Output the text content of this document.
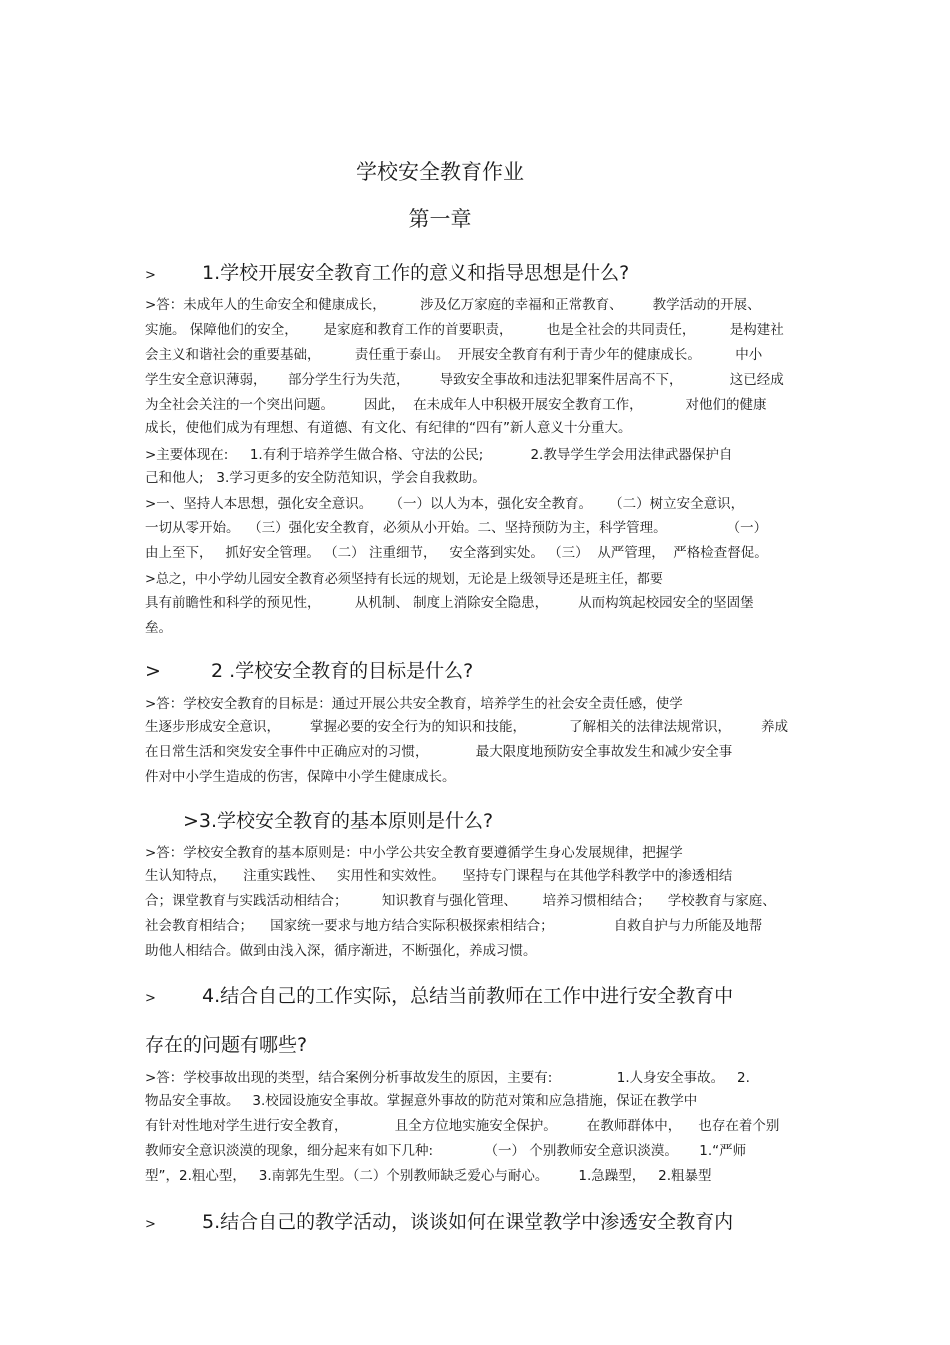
学校安全教育作业
第一章
> 1.学校开展安全教育工作的意义和指导思想是什么?
>答：未成年人的生命安全和健康成长，        涉及亿万家庭的幸福和正常教育、       教学活动的开展、
实施。 保障他们的安全，      是家庭和教育工作的首要职责，        也是全社会的共同责任，        是构建社
会主义和谐社会的重要基础，        责任重于泰山。  开展安全教育有利于青少年的健康成长。        中小
学生安全意识薄弱，     部分学生行为失范，       导致安全事故和违法犯罪案件居高不下，           这已经成
为全社会关注的一个突出问题。       因此，  在未成年人中积极开展安全教育工作，          对他们的健康
成长，使他们成为有理想、有道德、有文化、有纪律的“四有”新人意义十分重大。
>主要体现在:     1.有利于培养学生做合格、守法的公民;           2.教导学生学会用法律武器保护自
己和他人;   3.学习更多的安全防范知识，学会自我救助。
>一、坚持人本思想，强化安全意识。    （一）以人为本，强化安全教育。    （二）树立安全意识，
一切从零开始。  （三）强化安全教育，必须从小开始。二、坚持预防为主，科学管理。              （一）
由上至下，   抓好安全管理。 （二） 注重细节，   安全落到实处。 （三）  从严管理，  严格检查督促。
>总之，中小学幼儿园安全教育必须坚持有长远的规划，无论是上级领导还是班主任，都要
具有前瞻性和科学的预见性，        从机制、 制度上消除安全隐患，       从而构筑起校园安全的坚固堡
垒。
>	2 .学校安全教育的目标是什么?
>答：学校安全教育的目标是：通过开展公共安全教育，培养学生的社会安全责任感，使学
生逐步形成安全意识，       掌握必要的安全行为的知识和技能，          了解相关的法律法规常识，       养成
在日常生活和突发安全事件中正确应对的习惯，           最大限度地预防安全事故发生和减少安全事
件对中小学生造成的伤害，保障中小学生健康成长。
>3.学校安全教育的基本原则是什么?
>答：学校安全教育的基本原则是：中小学公共安全教育要遵循学生身心发展规律，把握学
生认知特点，    注重实践性、   实用性和实效性。    坚持专门课程与在其他学科教学中的渗透相结
合；课堂教育与实践活动相结合；        知识教育与强化管理、      培养习惯相结合；    学校教育与家庭、
社会教育相结合；    国家统一要求与地方结合实际积极探索相结合；              自救自护与力所能及地帮
助他人相结合。做到由浅入深，循序渐进，不断强化，养成习惯。
> 4.结合自己的工作实际，总结当前教师在工作中进行安全教育中
存在的问题有哪些?
>答：学校事故出现的类型，结合案例分析事故发生的原因，主要有:               1.人身安全事故。   2.
物品安全事故。   3.校园设施安全事故。掌握意外事故的防范对策和应急措施，保证在教学中
有针对性地对学生进行安全教育，           且全方位地实施安全保护。       在教师群体中，    也存在着个别
教师安全意识淡漠的现象，细分起来有如下几种:            （一） 个别教师安全意识淡漠。     1.“严师
型”，2.粗心型，   3.南郭先生型。（二）个别教师缺乏爱心与耐心。       1.急躁型，   2.粗暴型
> 5.结合自己的教学活动，谈谈如何在课堂教学中渗透安全教育内
